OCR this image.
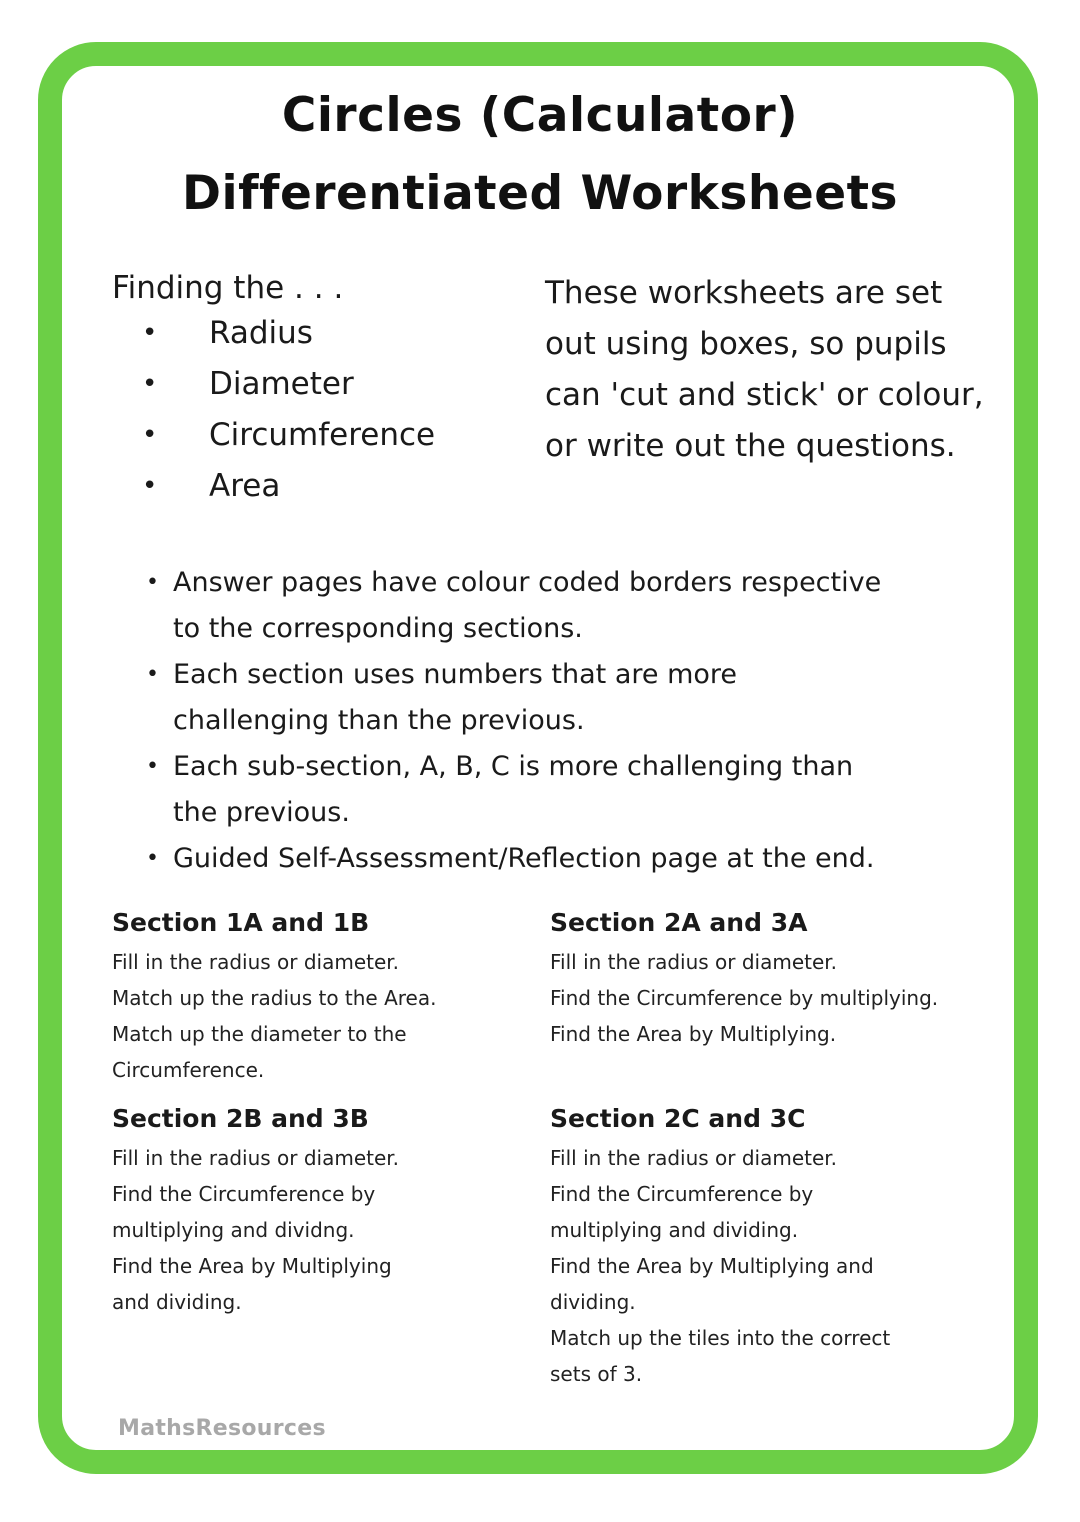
Circles (Calculator)
Differentiated Worksheets

Finding the . . .

• Radius
• Diameter
• Circumference
• Area

These worksheets are set out using boxes, so pupils can 'cut and stick' or colour, or write out the questions.

• Answer pages have colour coded borders respective
to the corresponding sections.
• Each section uses numbers that are more
challenging than the previous.
• Each sub-section, A, B, C is more challenging than
the previous.
• Guided Self-Assessment/Reflection page at the end.
Section 1A and 1B
Fill in the radius or diameter.
Match up the radius to the Area.
Match up the diameter to the
Circumference.
Section 2A and 3A
Fill in the radius or diameter.
Find the Circumference by multiplying.
Find the Area by Multiplying.
Section 2B and 3B
Fill in the radius or diameter.
Find the Circumference by
multiplying and dividng.
Find the Area by Multiplying
and dividing.
Section 2C and 3C
Fill in the radius or diameter.
Find the Circumference by
multiplying and dividing.
Find the Area by Multiplying and
dividing.
Match up the tiles into the correct
sets of 3.
MathsResources
